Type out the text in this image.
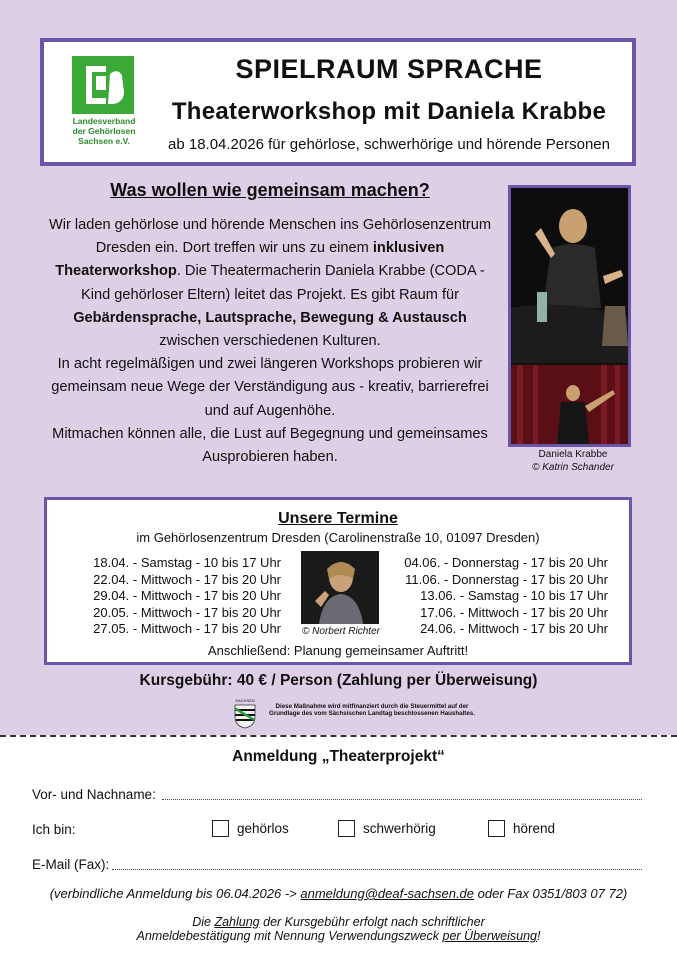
Landesverband
der Gehörlosen
Sachsen e.V.
SPIELRAUM SPRACHE
Theaterworkshop mit Daniela Krabbe
ab 18.04.2026 für gehörlose, schwerhörige und hörende Personen
Was wollen wie gemeinsam machen?
Wir laden gehörlose und hörende Menschen ins Gehörlosenzentrum Dresden ein. Dort treffen wir uns zu einem inklusiven Theaterworkshop. Die Theatermacherin Daniela Krabbe (CODA - Kind gehörloser Eltern) leitet das Projekt. Es gibt Raum für Gebärdensprache, Lautsprache, Bewegung & Austausch zwischen verschiedenen Kulturen.
In acht regelmäßigen und zwei längeren Workshops probieren wir gemeinsam neue Wege der Verständigung aus - kreativ, barrierefrei und auf Augenhöhe.
Mitmachen können alle, die Lust auf Begegnung und gemeinsames Ausprobieren haben.	Daniela Krabbe
© Katrin Schander
Unsere Termine
im Gehörlosenzentrum Dresden (Carolinenstraße 10, 01097 Dresden)
18.04. - Samstag - 10 bis 17 Uhr
22.04. - Mittwoch - 17 bis 20 Uhr
29.04. - Mittwoch - 17 bis 20 Uhr
20.05. - Mittwoch - 17 bis 20 Uhr
27.05. - Mittwoch - 17 bis 20 Uhr	© Norbert Richter
04.06. - Donnerstag - 17 bis 20 Uhr
11.06. - Donnerstag - 17 bis 20 Uhr
13.06. - Samstag - 10 bis 17 Uhr
17.06. - Mittwoch - 17 bis 20 Uhr
24.06. - Mittwoch - 17 bis 20 Uhr
Anschließend: Planung gemeinsamer Auftritt!
Kursgebühr: 40 € / Person (Zahlung per Überweisung)
SACHSEN
Diese Maßnahme wird mitfinanziert durch die Steuermittel auf der Grundlage des vom Sächsischen Landtag beschlossenen Haushaltes.
Anmeldung „Theaterprojekt“
Vor- und Nachname:
Ich bin:	gehörlos	schwerhörig	hörend
E-Mail (Fax):
(verbindliche Anmeldung bis 06.04.2026 -> anmeldung@deaf-sachsen.de oder Fax 0351/803 07 72)
Die Zahlung der Kursgebühr erfolgt nach schriftlicher
Anmeldebestätigung mit Nennung Verwendungszweck per Überweisung!
